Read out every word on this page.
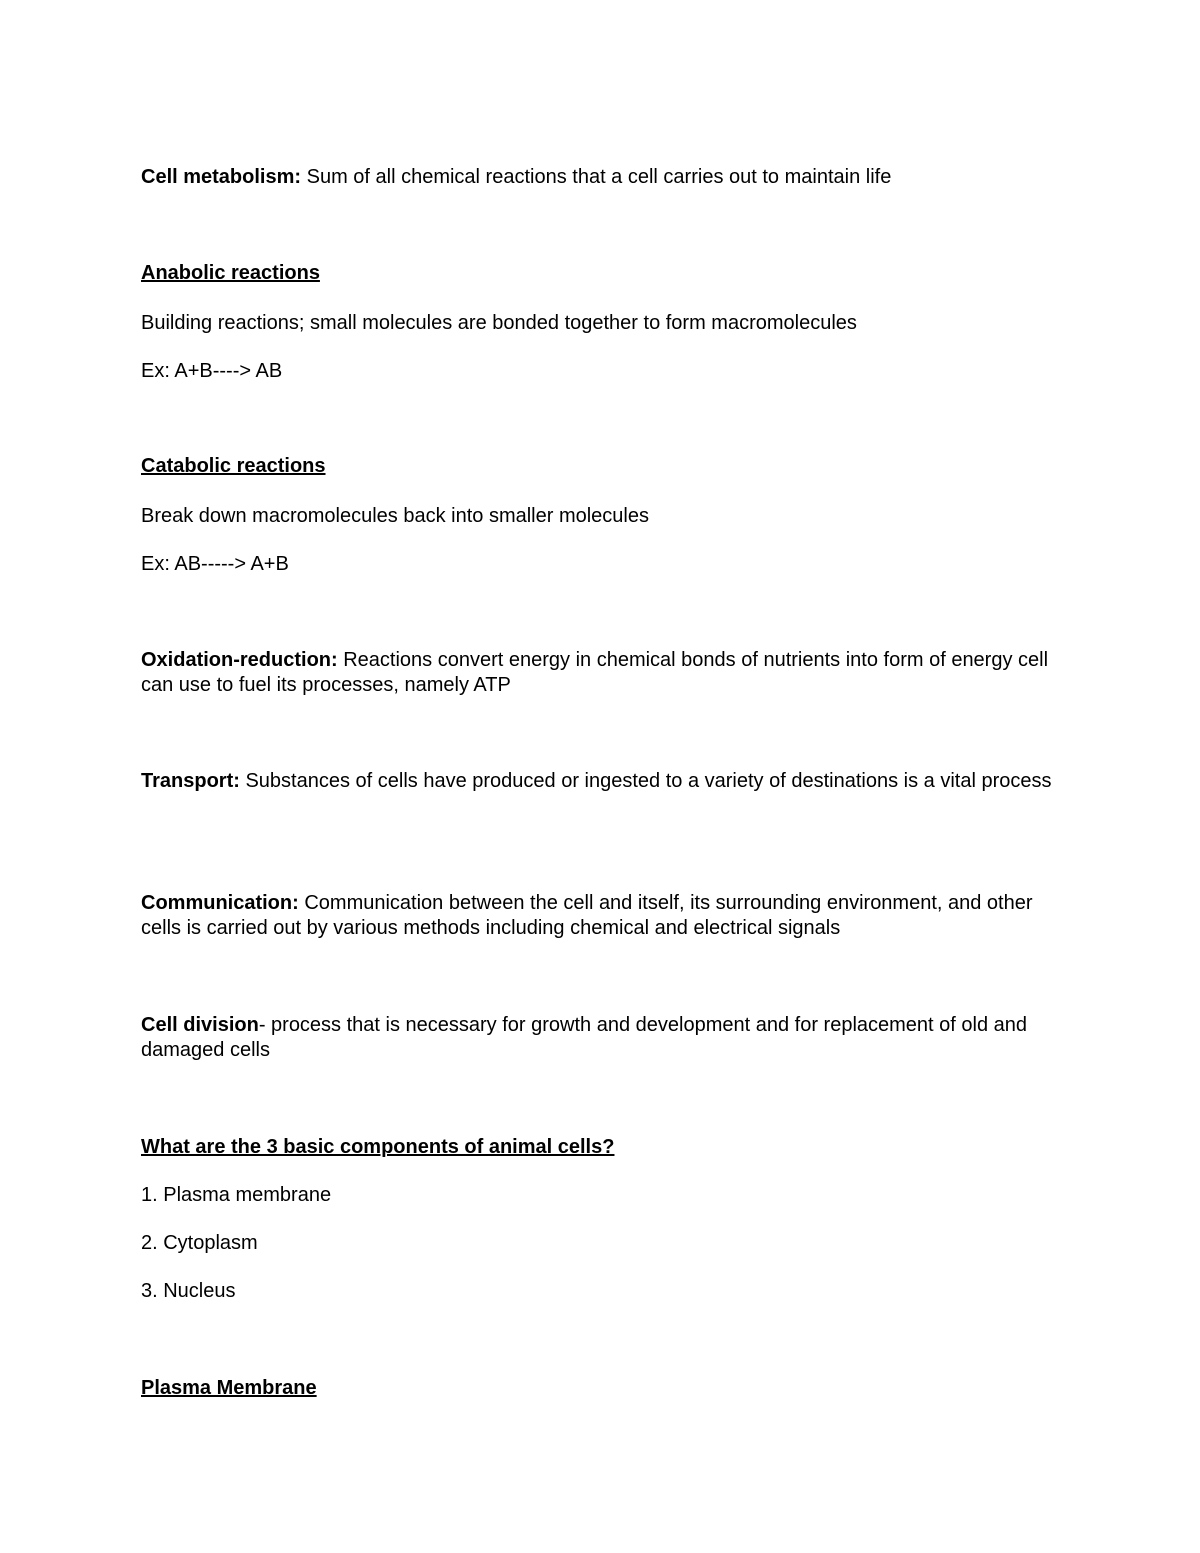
Cell metabolism: Sum of all chemical reactions that a cell carries out to maintain life
Anabolic reactions
Building reactions; small molecules are bonded together to form macromolecules
Ex: A+B----> AB
Catabolic reactions
Break down macromolecules back into smaller molecules
Ex: AB-----> A+B
Oxidation-reduction: Reactions convert energy in chemical bonds of nutrients into form of energy cell can use to fuel its processes, namely ATP
Transport: Substances of cells have produced or ingested to a variety of destinations is a vital process
Communication: Communication between the cell and itself, its surrounding environment, and other cells is carried out by various methods including chemical and electrical signals
Cell division- process that is necessary for growth and development and for replacement of old and damaged cells
What are the 3 basic components of animal cells?
1. Plasma membrane
2. Cytoplasm
3. Nucleus
Plasma Membrane
